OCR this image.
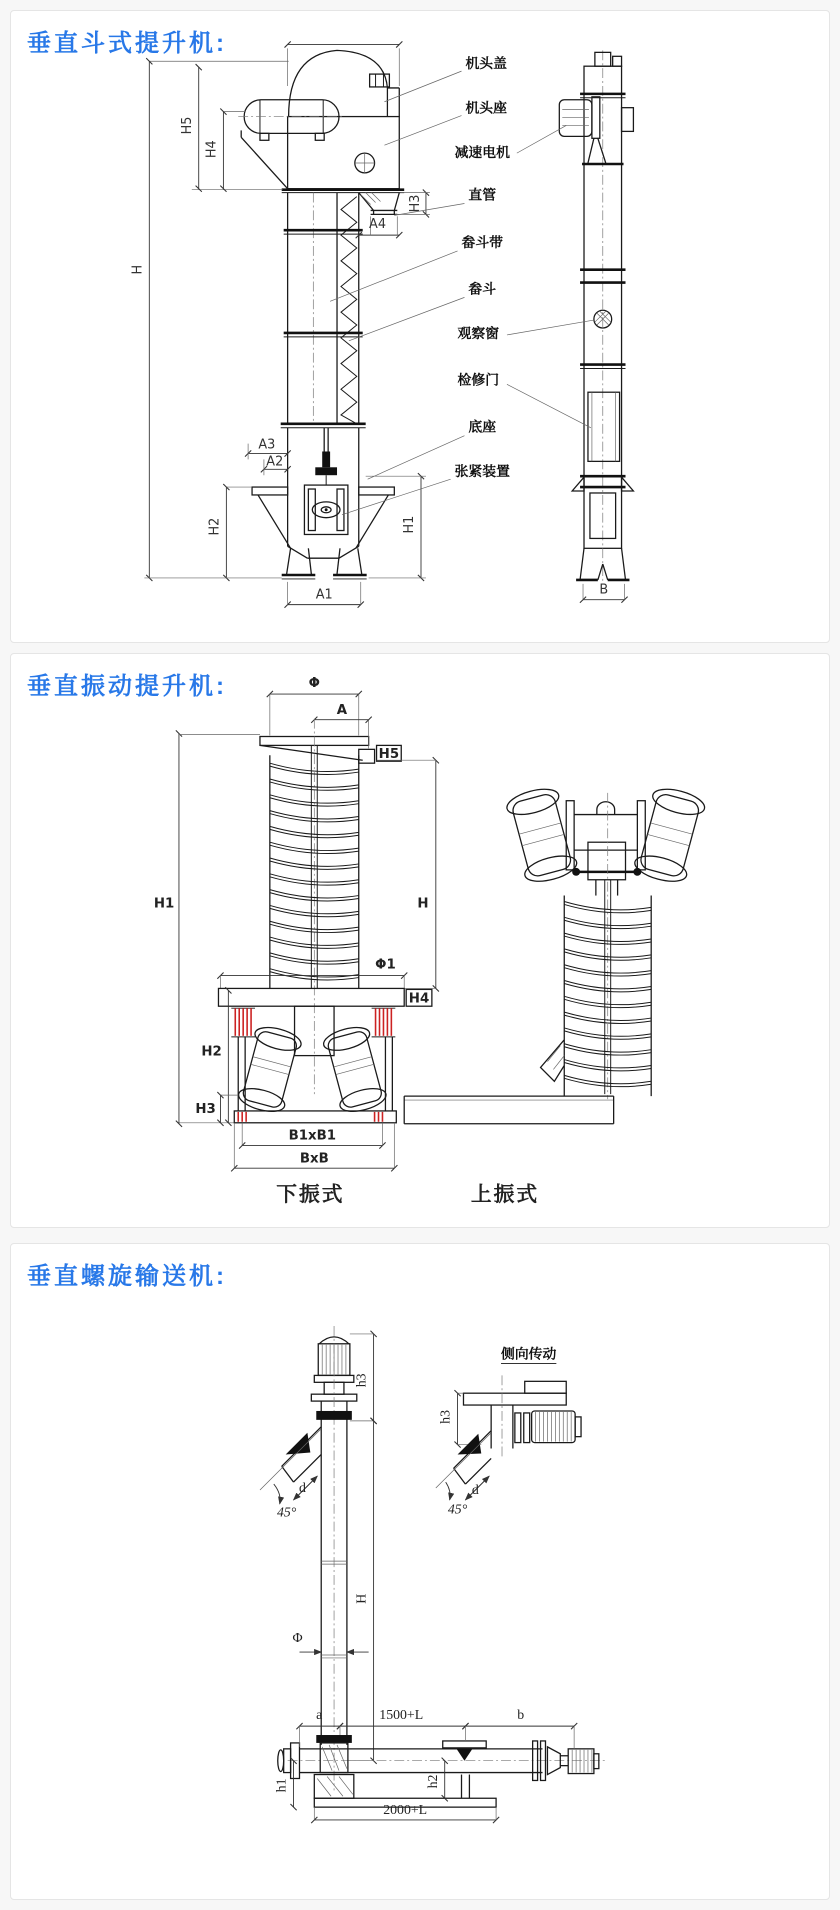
垂直斗式提升机:
H
H5
H4
H3
A4
A3
A2
H2	H1
A1	B
机头盖
机头座
减速电机
直管
畚斗带
畚斗
观察窗
检修门
底座
张紧装置
垂直振动提升机:	Φ
A
H5
H1	H
Φ1
H4
H2
H3
B1xB1
BxB
下振式	上振式
垂直螺旋输送机:
d
45°
h3
H
Φ
a	1500+L	b
h2
h1
2000+L
侧向传动
h3
d
45°
